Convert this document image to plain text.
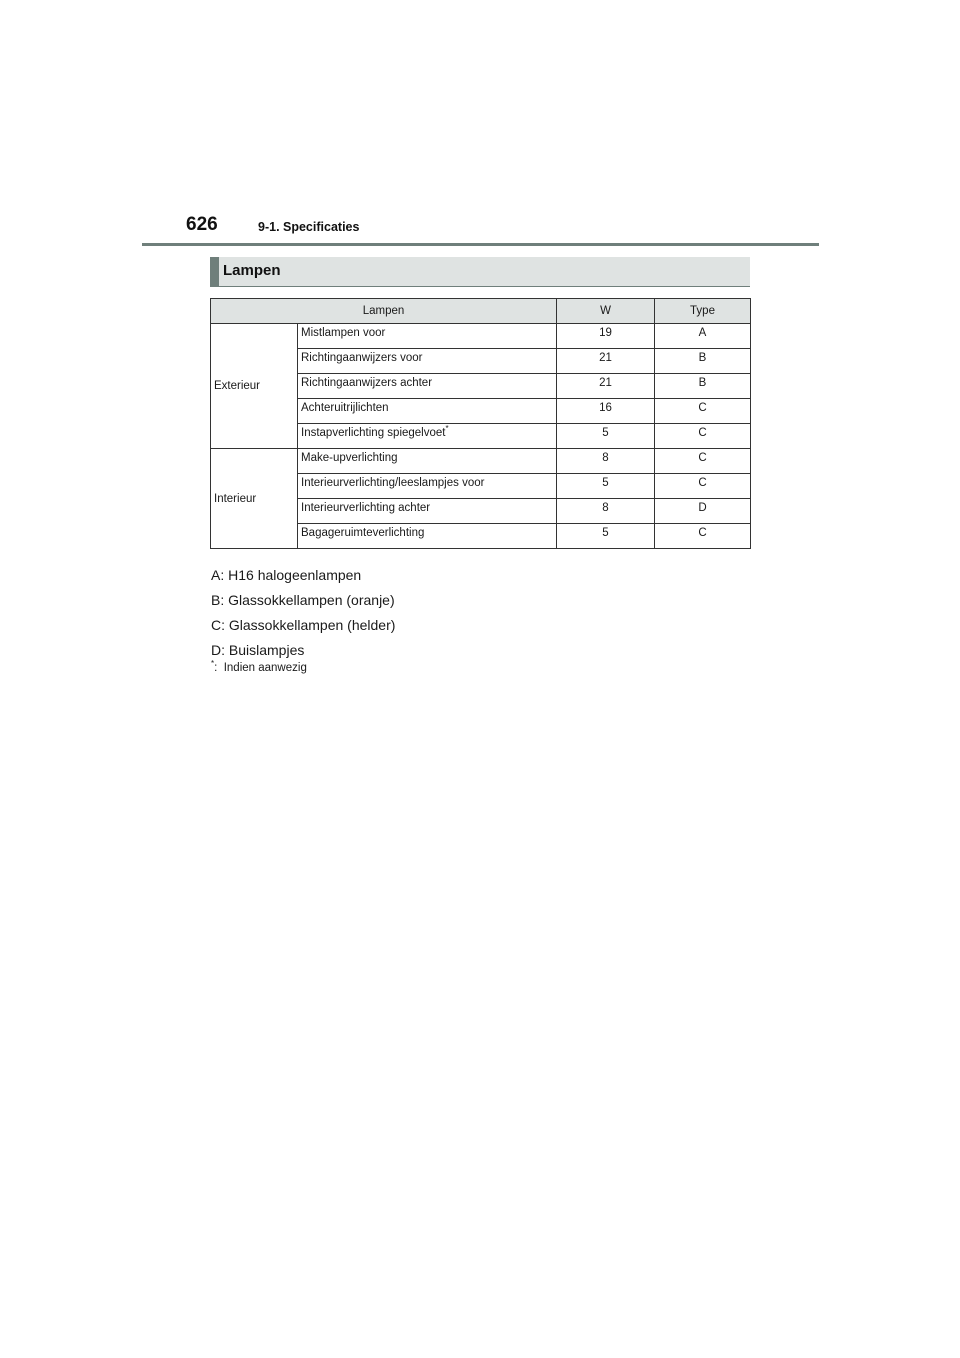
626	9-1. Specificaties
Lampen
Lampen		W	Type
Exterieur	Mistlampen voor	19	A
	Richtingaanwijzers voor	21	B
	Richtingaanwijzers achter	21	B
	Achteruitrijlichten	16	C
	Instapverlichting spiegelvoet*	5	C
Interieur	Make-upverlichting	8	C
	Interieurverlichting/leeslampjes voor	5	C
	Interieurverlichting achter	8	D
	Bagageruimteverlichting	5	C

A: H16 halogeenlampen

B: Glassokkellampen (oranje)

C: Glassokkellampen (helder)

D: Buislampjes

*: Indien aanwezig
